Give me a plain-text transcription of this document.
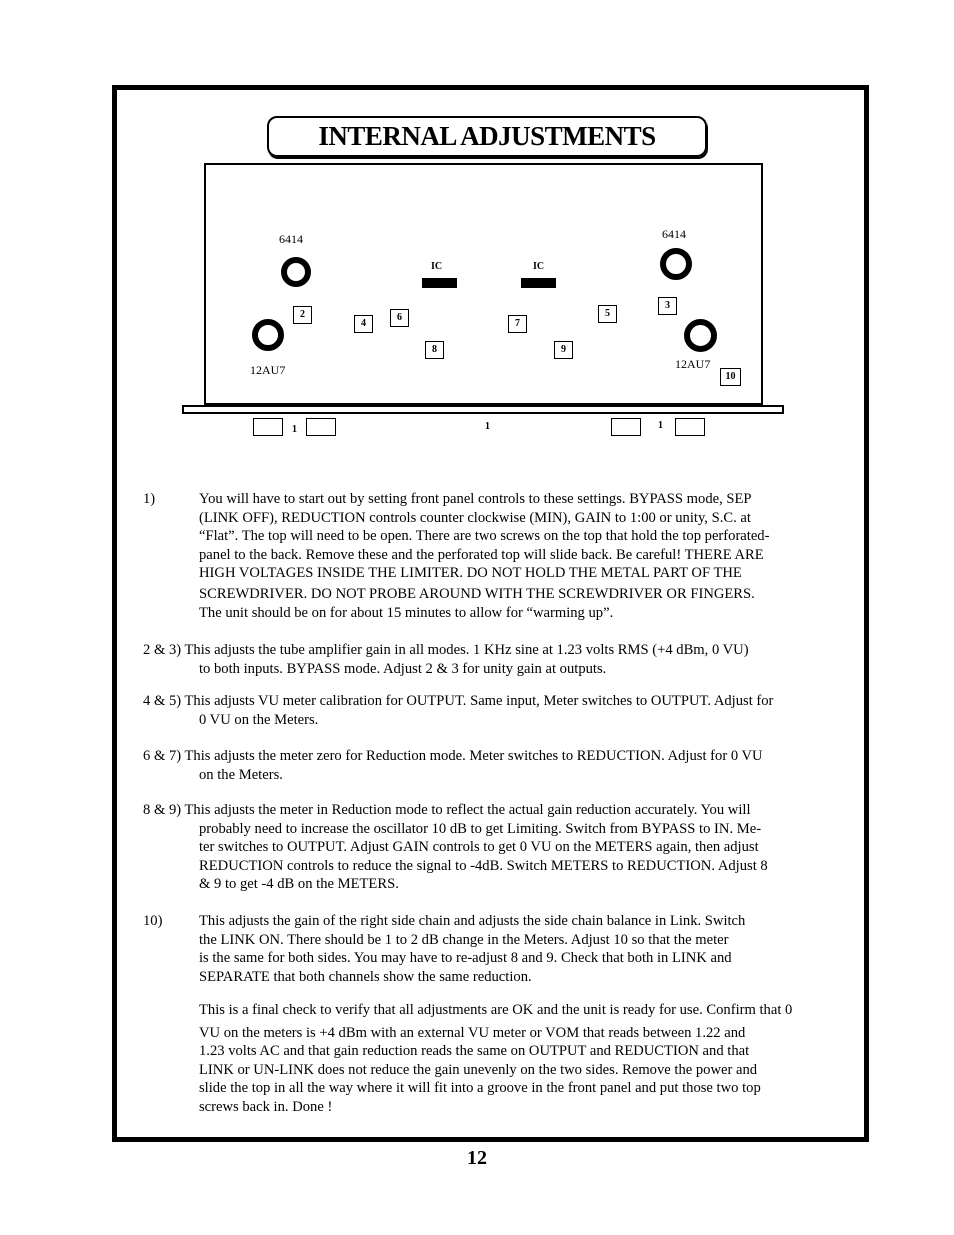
INTERNAL ADJUSTMENTS
6414	6414
12AU7	12AU7
IC	IC
2
3
4
5
6
7
8	9
10
1	1	1
1)	You will have to start out by setting front panel controls to these settings. BYPASS mode, SEP
(LINK OFF), REDUCTION controls counter clockwise (MIN), GAIN to 1:00 or unity, S.C. at
“Flat”. The top will need to be open. There are two screws on the top that hold the top perforated-
panel to the back. Remove these and the perforated top will slide back. Be careful! THERE ARE
HIGH VOLTAGES INSIDE THE LIMITER. DO NOT HOLD THE METAL PART OF THE
SCREWDRIVER. DO NOT PROBE AROUND WITH THE SCREWDRIVER OR FINGERS.
The unit should be on for about 15 minutes to allow for “warming up”.
2 & 3) This adjusts the tube amplifier gain in all modes. 1 KHz sine at 1.23 volts RMS (+4 dBm, 0 VU)
to both inputs. BYPASS mode. Adjust 2 & 3 for unity gain at outputs.
4 & 5) This adjusts VU meter calibration for OUTPUT. Same input, Meter switches to OUTPUT. Adjust for
0 VU on the Meters.
6 & 7) This adjusts the meter zero for Reduction mode. Meter switches to REDUCTION. Adjust for 0 VU
on the Meters.
8 & 9) This adjusts the meter in Reduction mode to reflect the actual gain reduction accurately. You will
probably need to increase the oscillator 10 dB to get Limiting. Switch from BYPASS to IN. Me-
ter switches to OUTPUT. Adjust GAIN controls to get 0 VU on the METERS again, then adjust
REDUCTION controls to reduce the signal to -4dB. Switch METERS to REDUCTION. Adjust 8
& 9 to get -4 dB on the METERS.
10)	This adjusts the gain of the right side chain and adjusts the side chain balance in Link. Switch
the LINK ON. There should be 1 to 2 dB change in the Meters. Adjust 10 so that the meter
is the same for both sides. You may have to re-adjust 8 and 9. Check that both in LINK and
SEPARATE that both channels show the same reduction.
This is a final check to verify that all adjustments are OK and the unit is ready for use. Confirm that 0
VU on the meters is +4 dBm with an external VU meter or VOM that reads between 1.22 and
1.23 volts AC and that gain reduction reads the same on OUTPUT and REDUCTION and that
LINK or UN-LINK does not reduce the gain unevenly on the two sides. Remove the power and
slide the top in all the way where it will fit into a groove in the front panel and put those two top
screws back in. Done !
12
